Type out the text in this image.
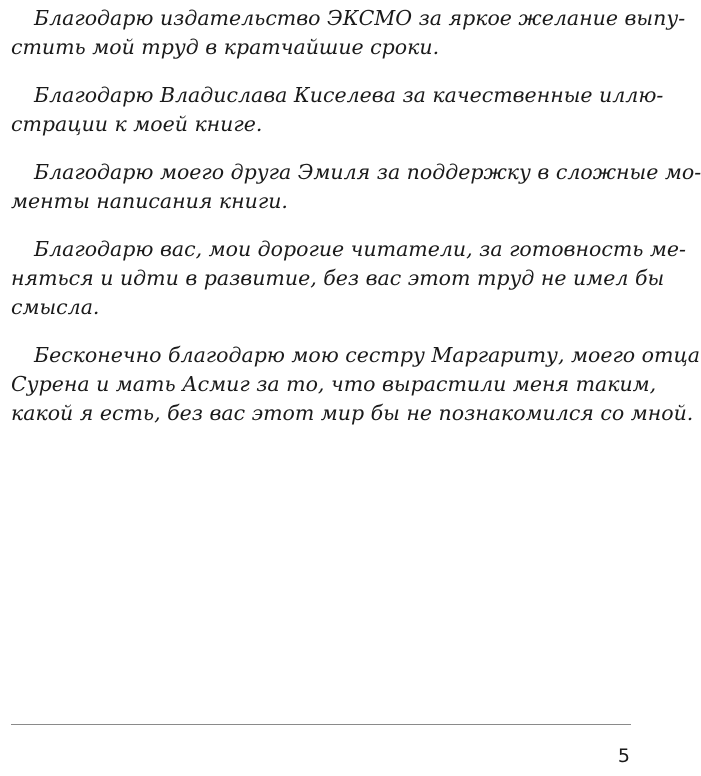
Благодарю издательство ЭКСМО за яркое желание выпу-
стить мой труд в кратчайшие сроки.

Благодарю Владислава Киселева за качественные иллю-
страции к моей книге.

Благодарю моего друга Эмиля за поддержку в сложные мо-
менты написания книги.

Благодарю вас, мои дорогие читатели, за готовность ме-
няться и идти в развитие, без вас этот труд не имел бы
смысла.

Бесконечно благодарю мою сестру Маргариту, моего отца
Сурена и мать Асмиг за то, что вырастили меня таким,
какой я есть, без вас этот мир бы не познакомился со мной.

5
